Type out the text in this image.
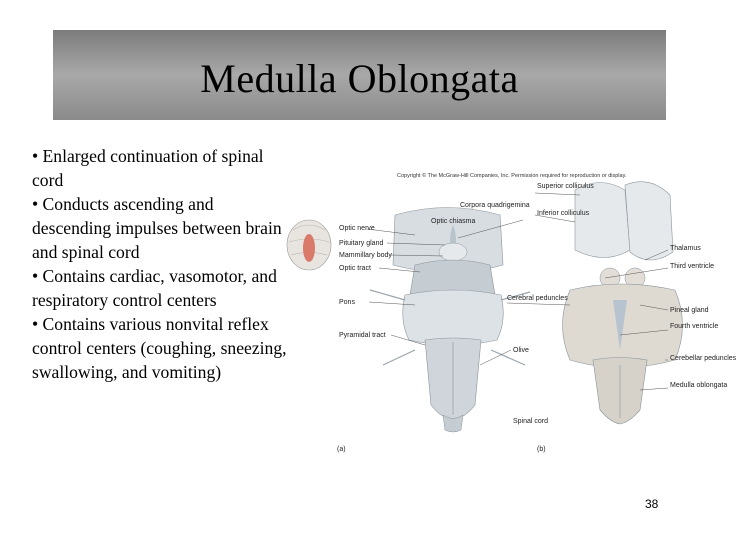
Medulla Oblongata

• Enlarged continuation of spinal cord

• Conducts ascending and descending impulses between brain and spinal cord

• Contains cardiac, vasomotor, and respiratory control centers

• Contains various nonvital reflex control centers (coughing, sneezing, swallowing, and vomiting)

Copyright © The McGraw-Hill Companies, Inc. Permission required for reproduction or display.
Superior colliculus
Corpora quadrigemina
Inferior colliculus
Optic chiasma
Optic nerve
Pituitary gland
Mammillary body
Optic tract
Pons
Pyramidal tract
Cerebral peduncles
Olive
Thalamus
Third ventricle
Pineal gland
Fourth ventricle
Cerebellar peduncles
Medulla oblongata
Spinal cord
(a)	(b)
38
